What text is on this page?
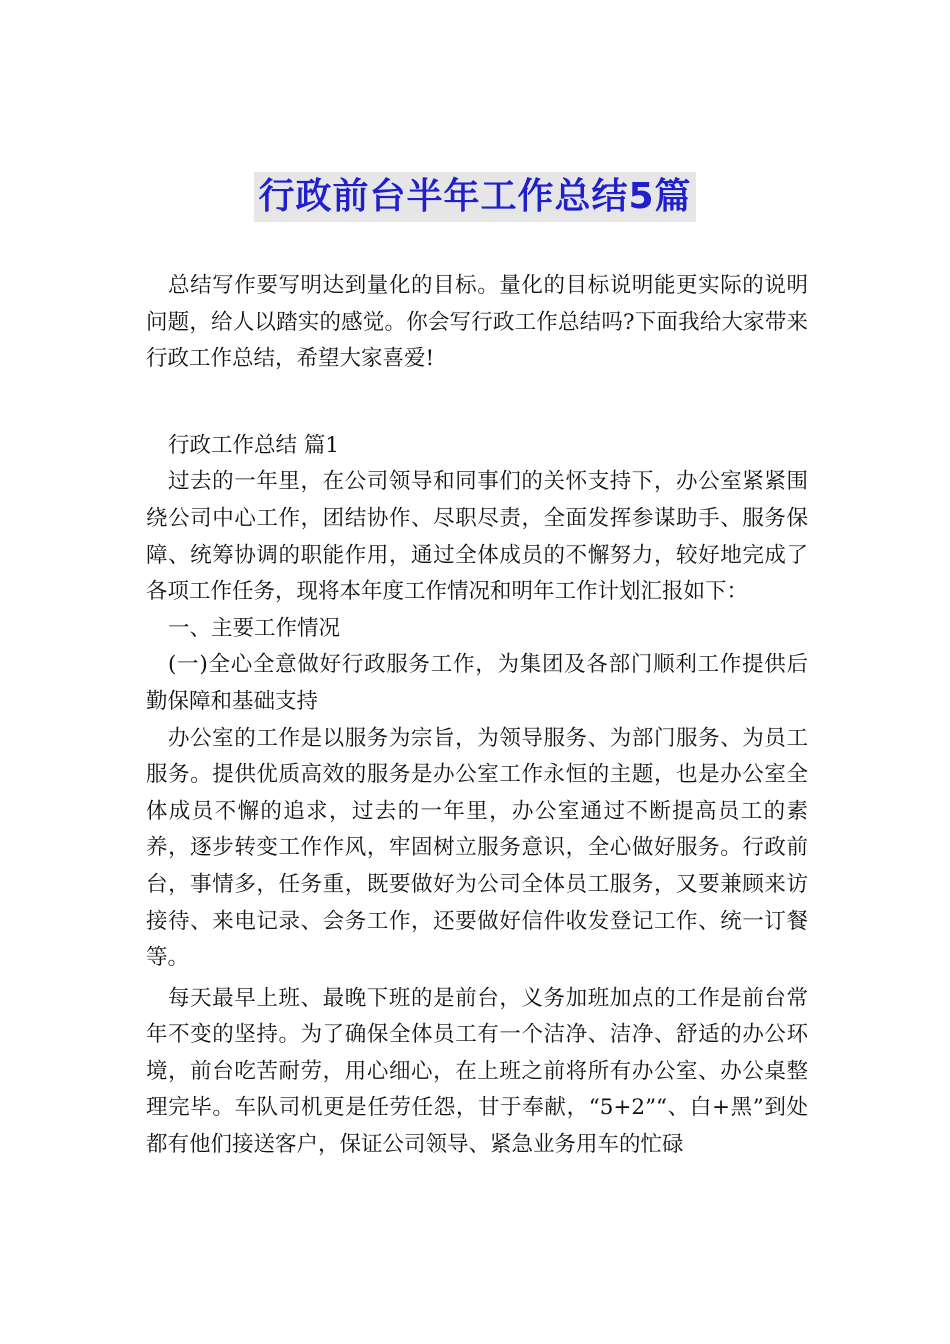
行政前台半年工作总结5篇

总结写作要写明达到量化的目标。量化的目标说明能更实际的说明问题，给人以踏实的感觉。你会写行政工作总结吗?下面我给大家带来行政工作总结，希望大家喜爱!

行政工作总结 篇1

过去的一年里，在公司领导和同事们的关怀支持下，办公室紧紧围绕公司中心工作，团结协作、尽职尽责，全面发挥参谋助手、服务保障、统筹协调的职能作用，通过全体成员的不懈努力，较好地完成了各项工作任务，现将本年度工作情况和明年工作计划汇报如下：

一、主要工作情况

(一)全心全意做好行政服务工作，为集团及各部门顺利工作提供后勤保障和基础支持

办公室的工作是以服务为宗旨，为领导服务、为部门服务、为员工服务。提供优质高效的服务是办公室工作永恒的主题，也是办公室全体成员不懈的追求，过去的一年里，办公室通过不断提高员工的素养，逐步转变工作作风，牢固树立服务意识，全心做好服务。行政前台，事情多，任务重，既要做好为公司全体员工服务，又要兼顾来访接待、来电记录、会务工作，还要做好信件收发登记工作、统一订餐等。

每天最早上班、最晚下班的是前台，义务加班加点的工作是前台常年不变的坚持。为了确保全体员工有一个洁净、洁净、舒适的办公环境，前台吃苦耐劳，用心细心，在上班之前将所有办公室、办公桌整理完毕。车队司机更是任劳任怨，甘于奉献，“5+2”“、白+黑”到处都有他们接送客户，保证公司领导、紧急业务用车的忙碌
